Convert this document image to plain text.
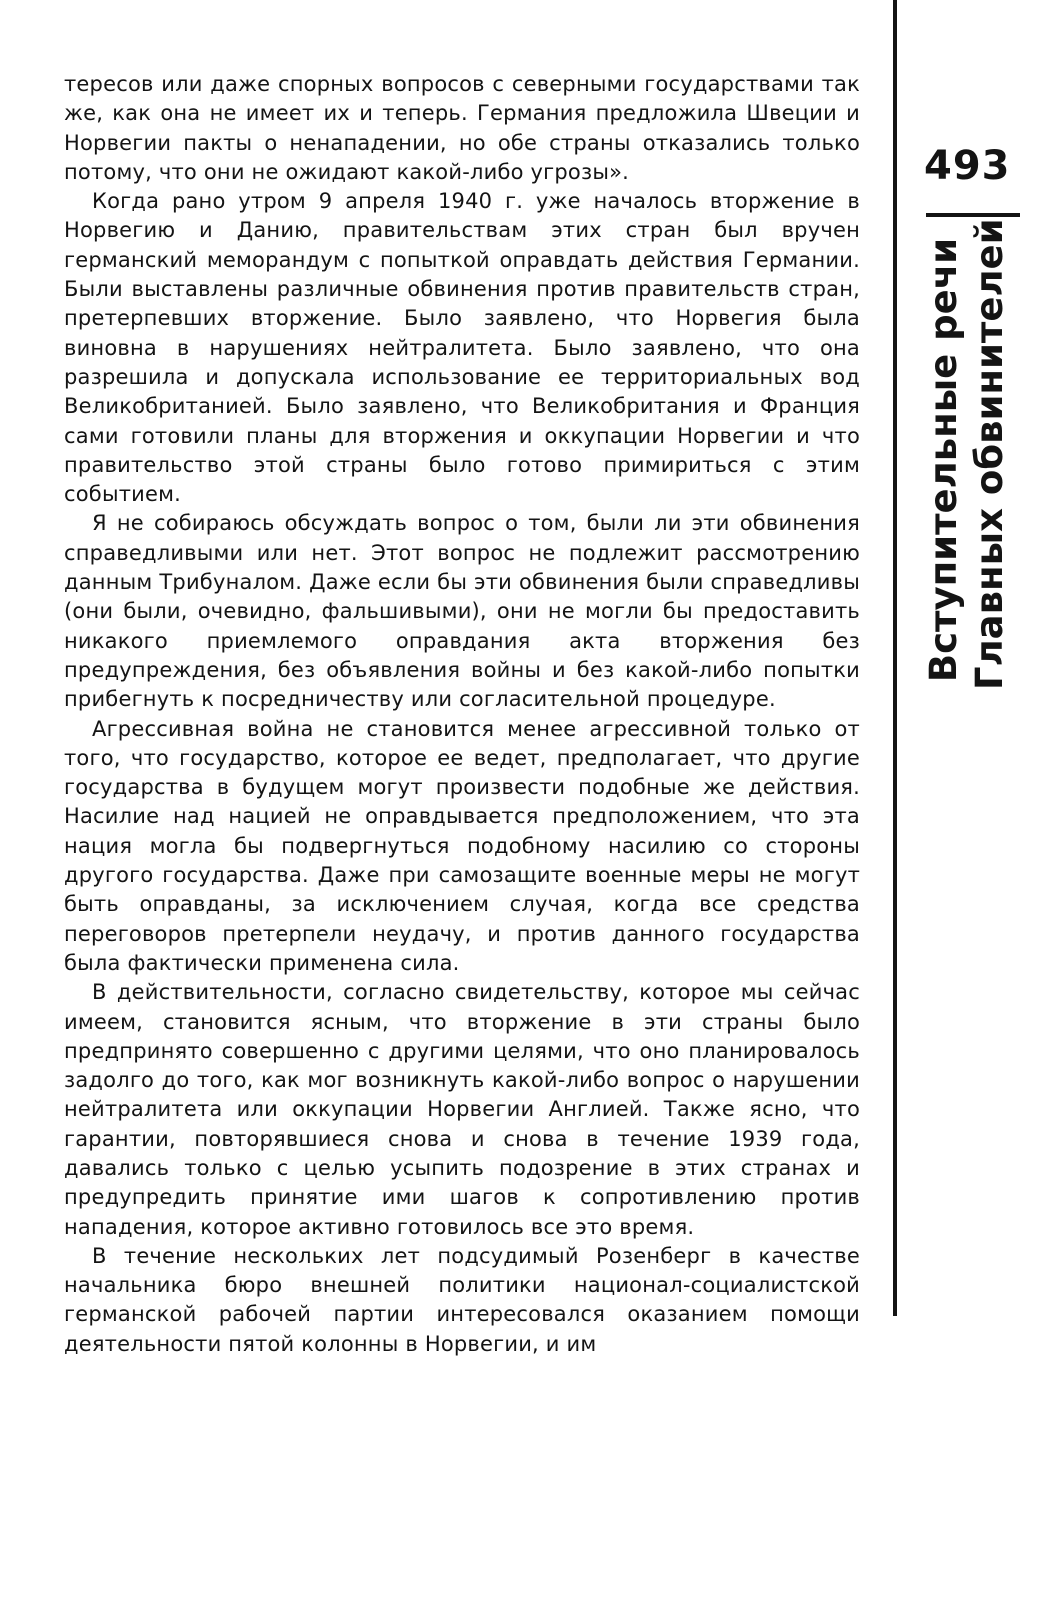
493
Вступительные речи Главных обвинителей

тересов или даже спорных вопросов с северными государствами так же, как она не имеет их и теперь. Германия предложила Швеции и Норвегии пакты о ненападении, но обе страны отказались только потому, что они не ожидают какой-либо угрозы».

Когда рано утром 9 апреля 1940 г. уже началось вторжение в Норвегию и Данию, правительствам этих стран был вручен германский меморандум с попыткой оправдать действия Германии. Были выставлены различные обвинения против правительств стран, претерпевших вторжение. Было заявлено, что Норвегия была виновна в нарушениях нейтралитета. Было заявлено, что она разрешила и допускала использование ее территориальных вод Великобританией. Было заявлено, что Великобритания и Франция сами готовили планы для вторжения и оккупации Норвегии и что правительство этой страны было готово примириться с этим событием.

Я не собираюсь обсуждать вопрос о том, были ли эти обвинения справедливыми или нет. Этот вопрос не подлежит рассмотрению данным Трибуналом. Даже если бы эти обвинения были справедливы (они были, очевидно, фальшивыми), они не могли бы предоставить никакого приемлемого оправдания акта вторжения без предупреждения, без объявления войны и без какой-либо попытки прибегнуть к посредничеству или согласительной процедуре.

Агрессивная война не становится менее агрессивной только от того, что государство, которое ее ведет, предполагает, что другие государства в будущем могут произвести подобные же действия. Насилие над нацией не оправдывается предположением, что эта нация могла бы подвергнуться подобному насилию со стороны другого государства. Даже при самозащите военные меры не могут быть оправданы, за исключением случая, когда все средства переговоров претерпели неудачу, и против данного государства была фактически применена сила.

В действительности, согласно свидетельству, которое мы сейчас имеем, становится ясным, что вторжение в эти страны было предпринято совершенно с другими целями, что оно планировалось задолго до того, как мог возникнуть какой-либо вопрос о нарушении нейтралитета или оккупации Норвегии Англией. Также ясно, что гарантии, повторявшиеся снова и снова в течение 1939 года, давались только с целью усыпить подозрение в этих странах и предупредить принятие ими шагов к сопротивлению против нападения, которое активно готовилось все это время.

В течение нескольких лет подсудимый Розенберг в качестве начальника бюро внешней политики национал-социалистской германской рабочей партии интересовался оказанием помощи деятельности пятой колонны в Норвегии, и им
